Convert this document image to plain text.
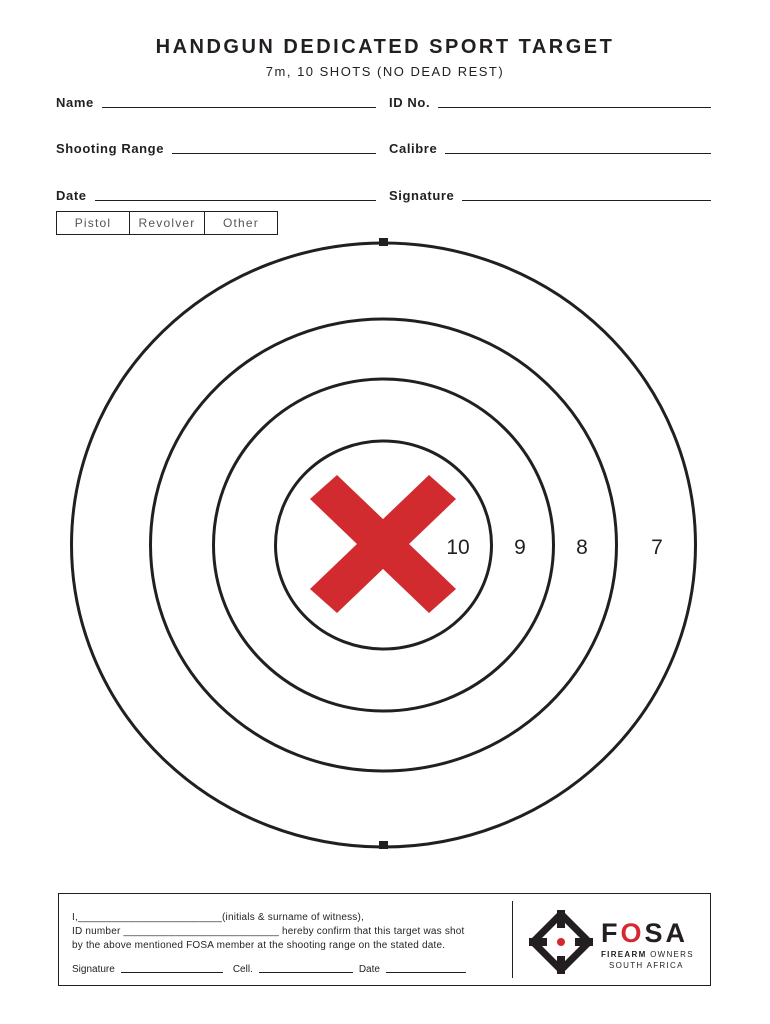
HANDGUN DEDICATED SPORT TARGET
7m, 10 SHOTS (NO DEAD REST)
Name	ID No.
Shooting Range	Calibre
Date	Signature
Pistol	Revolver	Other
10 9 8	7
I,_________________________(initials & surname of witness),
ID number ___________________________ hereby confirm that this target was shot
by the above mentioned FOSA member at the shooting range on the stated date.
Signature	Cell.	Date
FOSA
FIREARM OWNERS
SOUTH AFRICA
